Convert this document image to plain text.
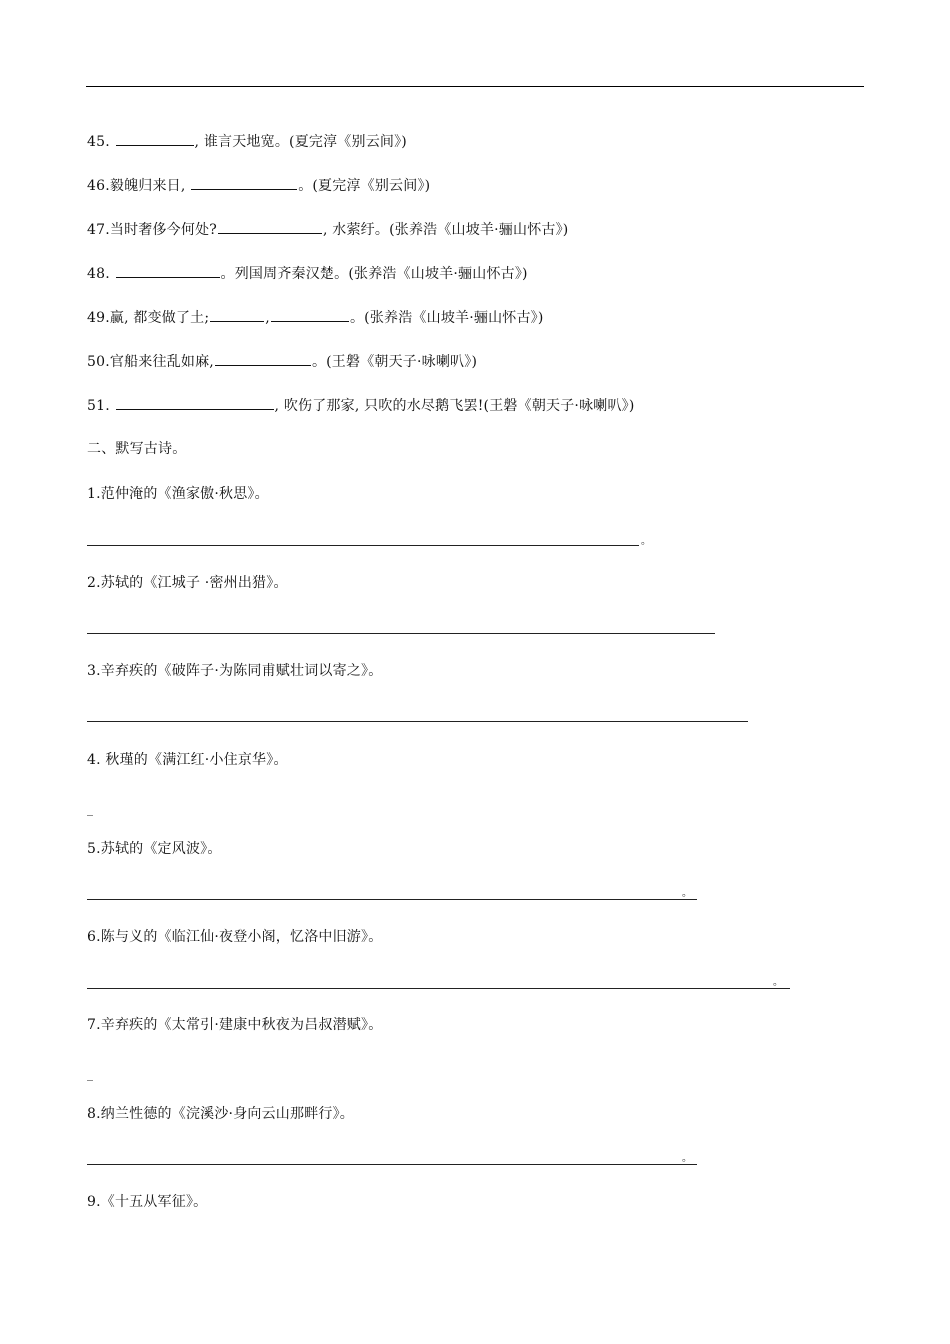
45.	, 谁言天地宽。(夏完淳《别云间》)
46.毅魄归来日,	。(夏完淳《别云间》)
47.当时奢侈今何处?	, 水萦纡。(张养浩《山坡羊·骊山怀古》)
48.	。列国周齐秦汉楚。(张养浩《山坡羊·骊山怀古》)
49.赢, 都变做了土;	,	。(张养浩《山坡羊·骊山怀古》)
50.官船来往乱如麻,	。(王磐《朝天子·咏喇叭》)
51.	, 吹伤了那家, 只吹的水尽鹅飞罢!(王磐《朝天子·咏喇叭》)
二、默写古诗。
1.范仲淹的《渔家傲·秋思》。
。
2.苏轼的《江城子 ·密州出猎》。
3.辛弃疾的《破阵子·为陈同甫赋壮词以寄之》。
4. 秋瑾的《满江红·小住京华》。
_
5.苏轼的《定风波》。
。
6.陈与义的《临江仙·夜登小阁，忆洛中旧游》。
。
7.辛弃疾的《太常引·建康中秋夜为吕叔潜赋》。
_
8.纳兰性德的《浣溪沙·身向云山那畔行》。
。
9.《十五从军征》。
